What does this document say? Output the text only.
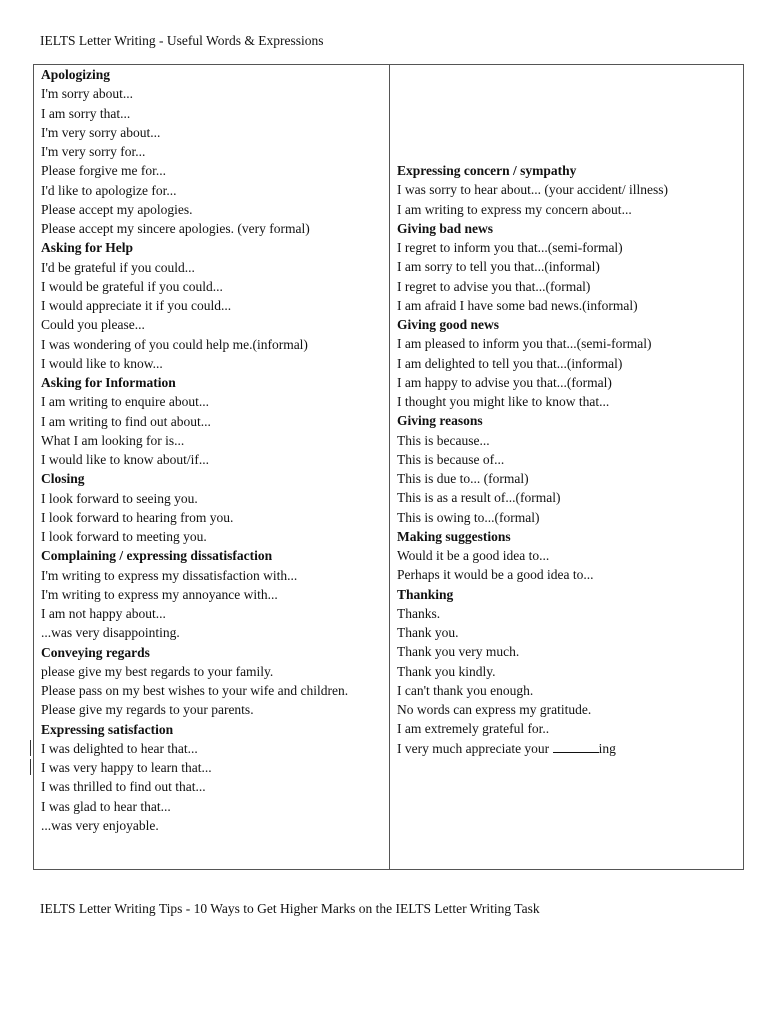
IELTS Letter Writing - Useful Words & Expressions
Apologizing
I'm sorry about...
I am sorry that...
I'm very sorry about...
I'm very sorry for...
Please forgive me for...
I'd like to apologize for...
Please accept my apologies.
Please accept my sincere apologies. (very formal)
Asking for Help
I'd be grateful if you could...
I would be grateful if you could...
I would appreciate it if you could...
Could you please...
I was wondering of you could help me.(informal)
I would like to know...
Asking for Information
I am writing to enquire about...
I am writing to find out about...
What I am looking for is...
I would like to know about/if...
Closing
I look forward to seeing you.
I look forward to hearing from you.
I look forward to meeting you.
Complaining / expressing dissatisfaction
I'm writing to express my dissatisfaction with...
I'm writing to express my annoyance with...
I am not happy about...
...was very disappointing.
Conveying regards
please give my best regards to your family.
Please pass on my best wishes to your wife and children.
Please give my regards to your parents.
Expressing satisfaction
I was delighted to hear that...
I was very happy to learn that...
I was thrilled to find out that...
I was glad to hear that...
...was very enjoyable.
Expressing concern / sympathy
I was sorry to hear about... (your accident/ illness)
I am writing to express my concern about...
Giving bad news
I regret to inform you that...(semi-formal)
I am sorry to tell you that...(informal)
I regret to advise you that...(formal)
I am afraid I have some bad news.(informal)
Giving good news
I am pleased to inform you that...(semi-formal)
I am delighted to tell you that...(informal)
I am happy to advise you that...(formal)
I thought you might like to know that...
Giving reasons
This is because...
This is because of...
This is due to... (formal)
This is as a result of...(formal)
This is owing to...(formal)
Making suggestions
Would it be a good idea to...
Perhaps it would be a good idea to...
Thanking
Thanks.
Thank you.
Thank you very much.
Thank you kindly.
I can't thank you enough.
No words can express my gratitude.
I am extremely grateful for..
I very much appreciate your	ing
IELTS Letter Writing Tips - 10 Ways to Get Higher Marks on the IELTS Letter Writing Task
